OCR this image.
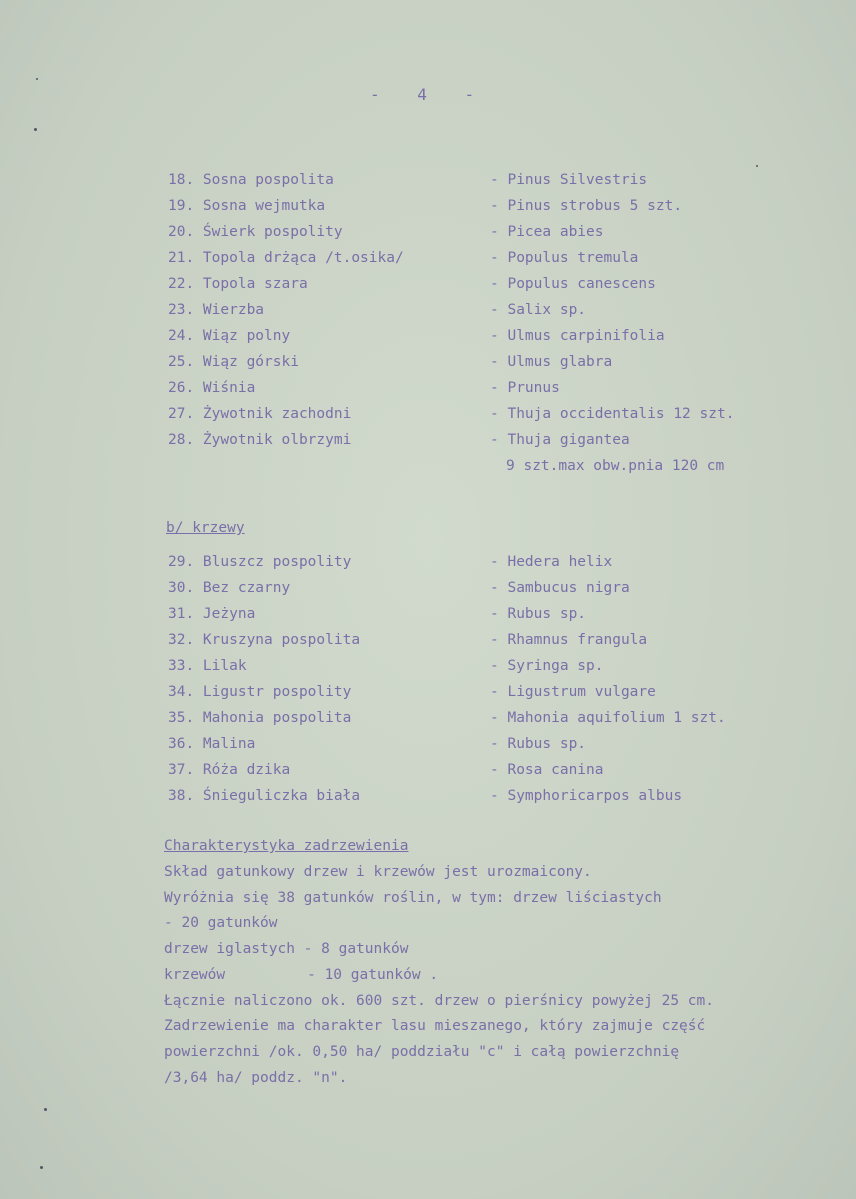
- 4 -
18. Sosna pospolita	- Pinus Silvestris
19. Sosna wejmutka	- Pinus strobus 5 szt.
20. Świerk pospolity	- Picea abies
21. Topola drżąca /t.osika/	- Populus tremula
22. Topola szara	- Populus canescens
23. Wierzba	- Salix sp.
24. Wiąz polny	- Ulmus carpinifolia
25. Wiąz górski	- Ulmus glabra
26. Wiśnia	- Prunus
27. Żywotnik zachodni	- Thuja occidentalis 12 szt.
28. Żywotnik olbrzymi	- Thuja gigantea
9 szt.max obw.pnia 120 cm
b/ krzewy
29. Bluszcz pospolity	- Hedera helix
30. Bez czarny	- Sambucus nigra
31. Jeżyna	- Rubus sp.
32. Kruszyna pospolita	- Rhamnus frangula
33. Lilak	- Syringa sp.
34. Ligustr pospolity	- Ligustrum vulgare
35. Mahonia pospolita	- Mahonia aquifolium 1 szt.
36. Malina	- Rubus sp.
37. Róża dzika	- Rosa canina
38. Śnieguliczka biała	- Symphoricarpos albus
Charakterystyka zadrzewienia
Skład gatunkowy drzew i krzewów jest urozmaicony.
Wyróżnia się 38 gatunków roślin, w tym: drzew liściastych
- 20 gatunków
drzew iglastych - 8 gatunków
krzewów	- 10 gatunków .
Łącznie naliczono ok. 600 szt. drzew o pierśnicy powyżej 25 cm.
Zadrzewienie ma charakter lasu mieszanego, który zajmuje część
powierzchni /ok. 0,50 ha/ poddziału "c" i całą powierzchnię
/3,64 ha/ poddz. "n".
